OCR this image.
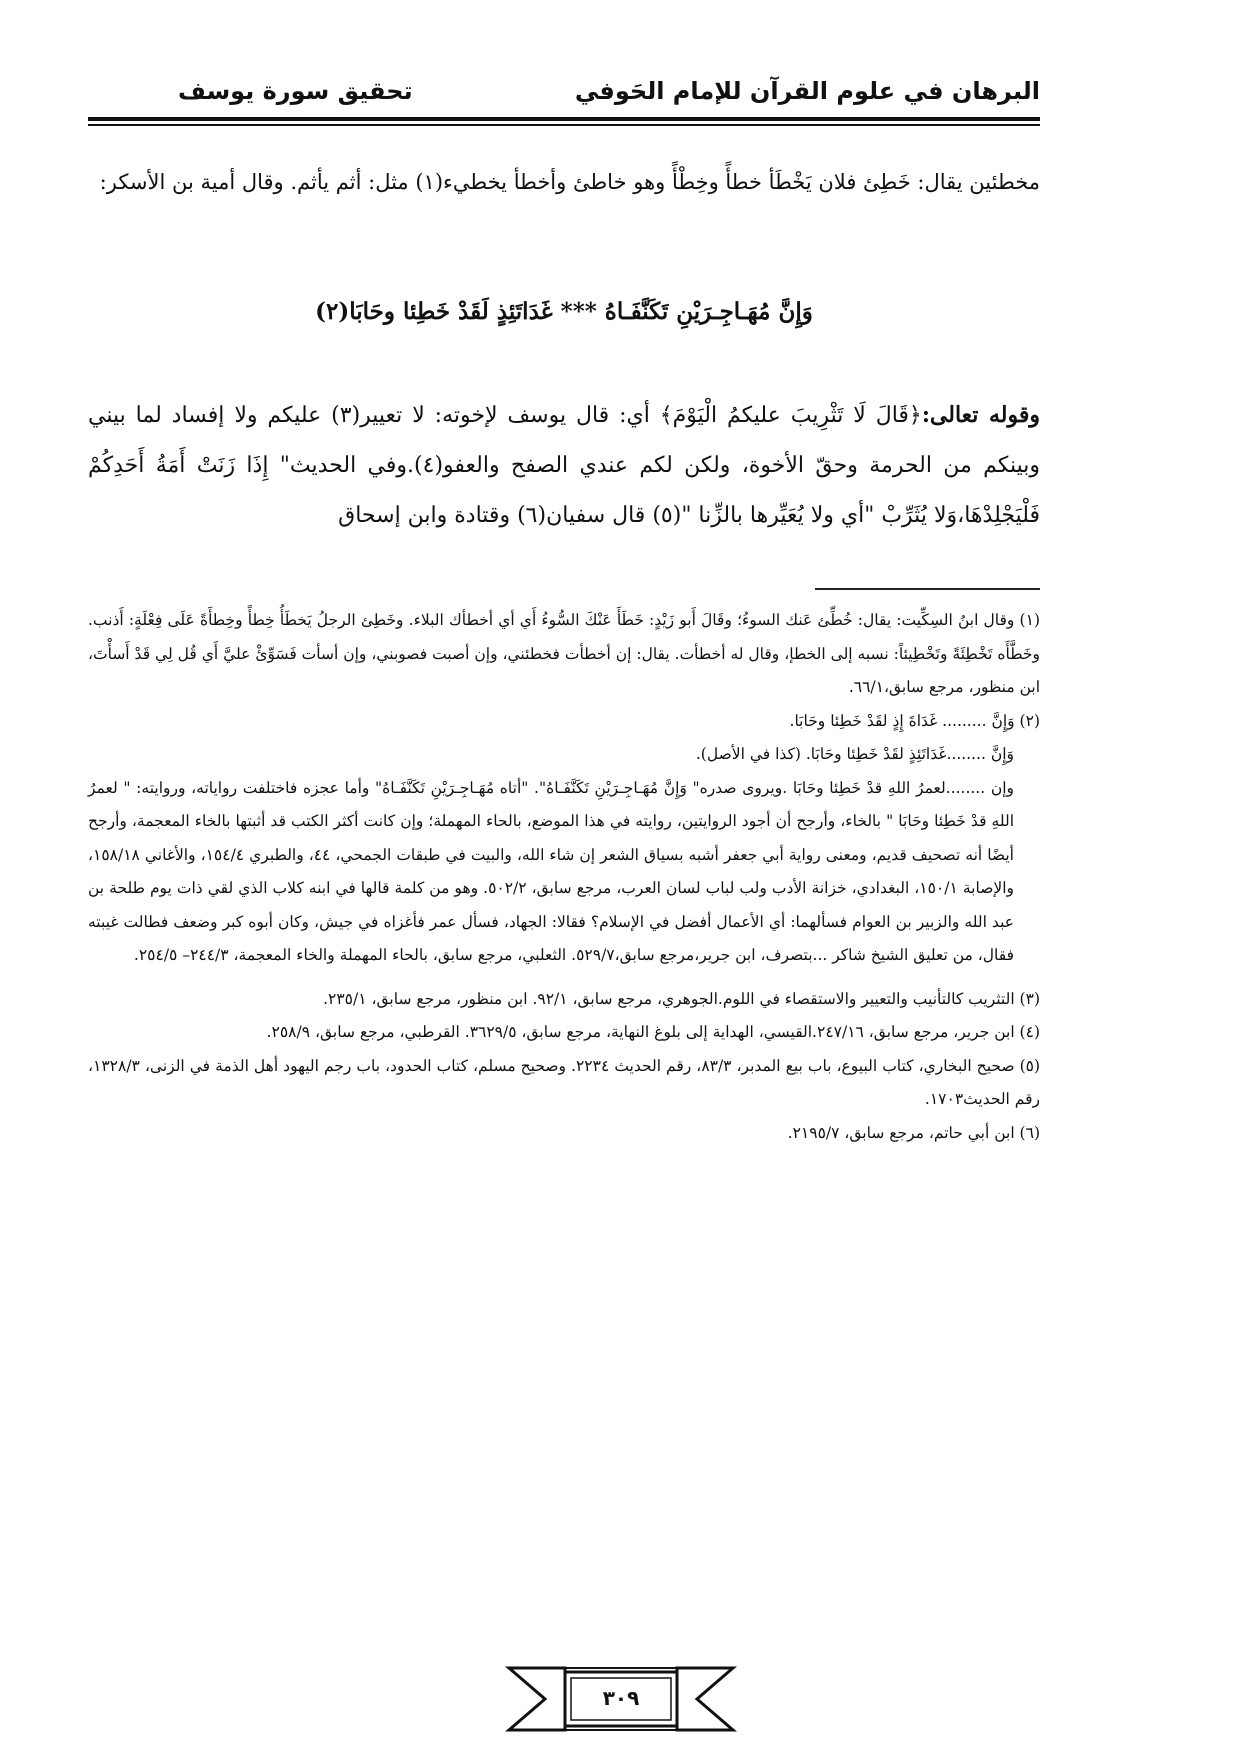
البرهان في علوم القرآن للإمام الحَوفي
تحقيق سورة يوسف
مخطئين يقال: خَطِئ فلان يَخْطَأ خطأً وخِطْأً وهو خاطئ وأخطأ يخطيء(١) مثل: أثم يأثم. وقال أمية بن الأسكر:
وَإِنَّ مُهَـاجِـرَيْنِ تَكَنَّفَـاهُ *** غَدَاتَئِذٍ لَقَدْ خَطِئا وحَابَا(٢)
وقوله تعالى:﴿قَالَ لَا تَثْرِيبَ عليكمُ الْيَوْمَ﴾ أي: قال يوسف لإخوته: لا تعيير(٣) عليكم ولا إفساد لما بيني وبينكم من الحرمة وحقّ الأخوة، ولكن لكم عندي الصفح والعفو(٤).وفي الحديث" إِذَا زَنَتْ أَمَةُ أَحَدِكُمْ فَلْيَجْلِدْهَا،وَلا يُثَرِّبْ "أي ولا يُعَيِّرها بالزِّنا "(٥) قال سفيان(٦) وقتادة وابن إسحاق

(١) وقال ابنُ السِكِّيت: يقال: خُطِّئ عَنك السوءُ؛ وقَالَ أَبو زَيْدٍ: خَطَأَ عَنْكَ السُّوءُ أَي أي أخطأك البلاء. وخَطِئ الرجلُ يَخطَأُ خِطأً وخِطأَةً عَلَى فِعْلَةٍ: أَذنب. وخَطَّأَه تَخْطِئَةً وتَخْطِيئاً: نسبه إلى الخطإ، وقال له أخطأت. يقال: إن أخطأت فخطئني، وإن أصبت فصوبني، وإن أسأت فَسَوِّئْ عليَّ أَي قُل لِي قَدْ أَسأْتَ، ابن منظور، مرجع سابق،٦٦/١.

(٢) وَإِنَّ ......... غَدَاةَ إِذٍ لقَدْ خَطِئا وحَابَا.

وَإِنَّ ........غَدَاتَئِذٍ لقَدْ خَطِئا وحَابَا. (كذا في الأصل).

وإن ........لعمرُ اللهِ قدْ خَطِئا وحَابَا .ويروى صدره" وَإِنَّ مُهَـاجِـرَيْنِ تَكَنَّفَـاهُ". "أتاه مُهَـاجِـرَيْنِ تَكَنَّفَـاهُ" وأما عجزه فاختلفت رواياته، وروايته: " لعمرُ اللهِ قدْ خَطِئا وحَابَا " بالخاء، وأرجح أن أجود الروايتين، روايته في هذا الموضع، بالحاء المهملة؛ وإن كانت أكثر الكتب قد أثبتها بالخاء المعجمة، وأرجح أيضًا أنه تصحيف قديم، ومعنى رواية أبي جعفر أشبه بسياق الشعر إن شاء الله، والبيت في طبقات الجمحي، ٤٤، والطبري ١٥٤/٤، والأغاني ١٥٨/١٨، والإصابة ١٥٠/١، البغدادي، خزانة الأدب ولب لباب لسان العرب، مرجع سابق، ٥٠٢/٢. وهو من كلمة قالها في ابنه كلاب الذي لقي ذات يوم طلحة بن عبد الله والزبير بن العوام فسألهما: أي الأعمال أفضل في الإسلام؟ فقالا: الجهاد، فسأل عمر فأغزاه في جيش، وكان أبوه كبر وضعف فطالت غيبته فقال، من تعليق الشيخ شاكر ...بتصرف، ابن جرير،مرجع سابق،٥٢٩/٧. الثعلبي، مرجع سابق، بالحاء المهملة والخاء المعجمة، ٢٤٤/٣– ٢٥٤/٥.

(٣) التثريب كالتأنيب والتعيير والاستقصاء في اللوم.الجوهري، مرجع سابق، ٩٢/١. ابن منظور، مرجع سابق، ٢٣٥/١.

(٤) ابن جرير، مرجع سابق، ٢٤٧/١٦.القيسي، الهداية إلى بلوغ النهاية، مرجع سابق، ٣٦٢٩/٥. القرطبي، مرجع سابق، ٢٥٨/٩.

(٥) صحيح البخاري، كتاب البيوع، باب بيع المدبر، ٨٣/٣، رقم الحديث ٢٢٣٤. وصحيح مسلم، كتاب الحدود، باب رجم اليهود أهل الذمة في الزنى، ١٣٢٨/٣، رقم الحديث١٧٠٣.

(٦) ابن أبي حاتم، مرجع سابق، ٢١٩٥/٧.

٣٠٩
